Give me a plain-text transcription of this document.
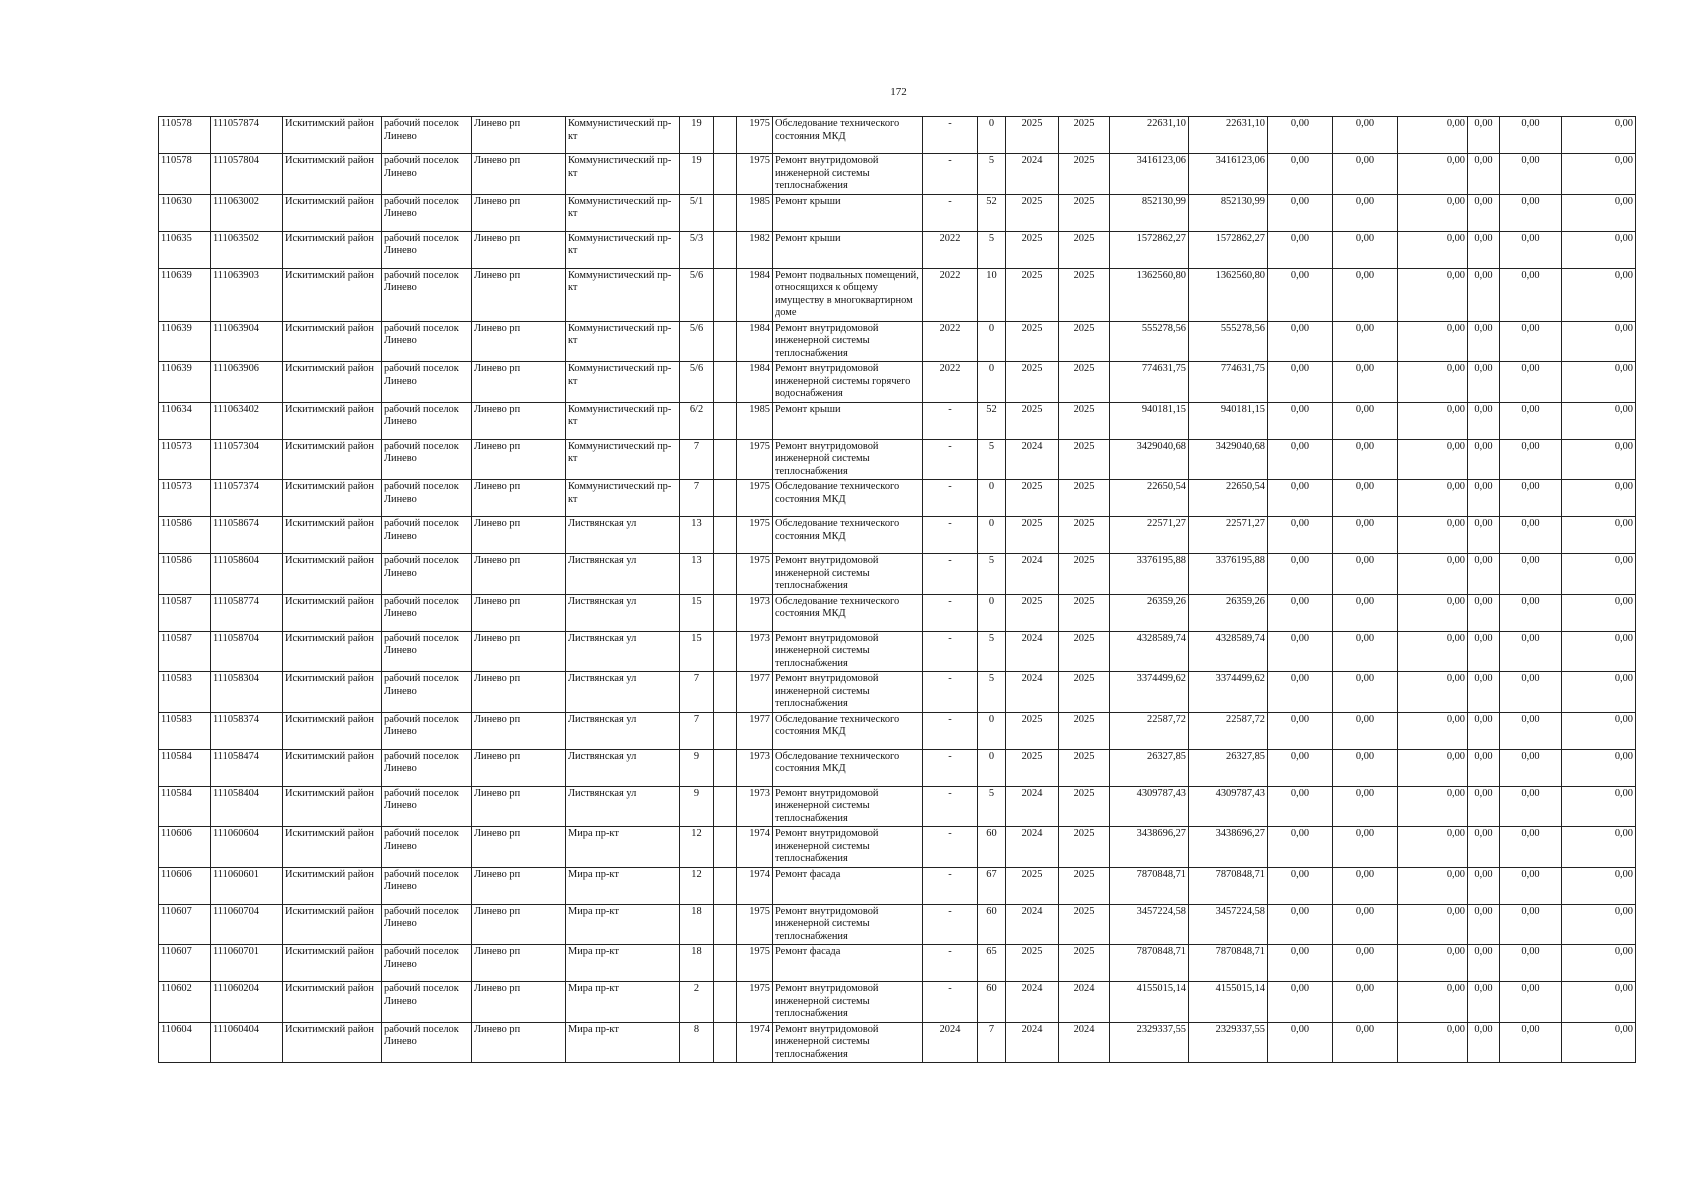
172
110578	111057874	Искитимский район	рабочий поселок Линево	Линево рп	Коммунистический пр-кт	19		1975	Обследование технического состояния МКД	-	0	2025	2025	22631,10	22631,10	0,00	0,00	0,00	0,00	0,00	0,00
110578	111057804	Искитимский район	рабочий поселок Линево	Линево рп	Коммунистический пр-кт	19		1975	Ремонт внутридомовой инженерной системы теплоснабжения	-	5	2024	2025	3416123,06	3416123,06	0,00	0,00	0,00	0,00	0,00	0,00
110630	111063002	Искитимский район	рабочий поселок Линево	Линево рп	Коммунистический пр-кт	5/1		1985	Ремонт крыши	-	52	2025	2025	852130,99	852130,99	0,00	0,00	0,00	0,00	0,00	0,00
110635	111063502	Искитимский район	рабочий поселок Линево	Линево рп	Коммунистический пр-кт	5/3		1982	Ремонт крыши	2022	5	2025	2025	1572862,27	1572862,27	0,00	0,00	0,00	0,00	0,00	0,00
110639	111063903	Искитимский район	рабочий поселок Линево	Линево рп	Коммунистический пр-кт	5/6		1984	Ремонт подвальных помещений, относящихся к общему имуществу в многоквартирном доме	2022	10	2025	2025	1362560,80	1362560,80	0,00	0,00	0,00	0,00	0,00	0,00
110639	111063904	Искитимский район	рабочий поселок Линево	Линево рп	Коммунистический пр-кт	5/6		1984	Ремонт внутридомовой инженерной системы теплоснабжения	2022	0	2025	2025	555278,56	555278,56	0,00	0,00	0,00	0,00	0,00	0,00
110639	111063906	Искитимский район	рабочий поселок Линево	Линево рп	Коммунистический пр-кт	5/6		1984	Ремонт внутридомовой инженерной системы горячего водоснабжения	2022	0	2025	2025	774631,75	774631,75	0,00	0,00	0,00	0,00	0,00	0,00
110634	111063402	Искитимский район	рабочий поселок Линево	Линево рп	Коммунистический пр-кт	6/2		1985	Ремонт крыши	-	52	2025	2025	940181,15	940181,15	0,00	0,00	0,00	0,00	0,00	0,00
110573	111057304	Искитимский район	рабочий поселок Линево	Линево рп	Коммунистический пр-кт	7		1975	Ремонт внутридомовой инженерной системы теплоснабжения	-	5	2024	2025	3429040,68	3429040,68	0,00	0,00	0,00	0,00	0,00	0,00
110573	111057374	Искитимский район	рабочий поселок Линево	Линево рп	Коммунистический пр-кт	7		1975	Обследование технического состояния МКД	-	0	2025	2025	22650,54	22650,54	0,00	0,00	0,00	0,00	0,00	0,00
110586	111058674	Искитимский район	рабочий поселок Линево	Линево рп	Листвянская ул	13		1975	Обследование технического состояния МКД	-	0	2025	2025	22571,27	22571,27	0,00	0,00	0,00	0,00	0,00	0,00
110586	111058604	Искитимский район	рабочий поселок Линево	Линево рп	Листвянская ул	13		1975	Ремонт внутридомовой инженерной системы теплоснабжения	-	5	2024	2025	3376195,88	3376195,88	0,00	0,00	0,00	0,00	0,00	0,00
110587	111058774	Искитимский район	рабочий поселок Линево	Линево рп	Листвянская ул	15		1973	Обследование технического состояния МКД	-	0	2025	2025	26359,26	26359,26	0,00	0,00	0,00	0,00	0,00	0,00
110587	111058704	Искитимский район	рабочий поселок Линево	Линево рп	Листвянская ул	15		1973	Ремонт внутридомовой инженерной системы теплоснабжения	-	5	2024	2025	4328589,74	4328589,74	0,00	0,00	0,00	0,00	0,00	0,00
110583	111058304	Искитимский район	рабочий поселок Линево	Линево рп	Листвянская ул	7		1977	Ремонт внутридомовой инженерной системы теплоснабжения	-	5	2024	2025	3374499,62	3374499,62	0,00	0,00	0,00	0,00	0,00	0,00
110583	111058374	Искитимский район	рабочий поселок Линево	Линево рп	Листвянская ул	7		1977	Обследование технического состояния МКД	-	0	2025	2025	22587,72	22587,72	0,00	0,00	0,00	0,00	0,00	0,00
110584	111058474	Искитимский район	рабочий поселок Линево	Линево рп	Листвянская ул	9		1973	Обследование технического состояния МКД	-	0	2025	2025	26327,85	26327,85	0,00	0,00	0,00	0,00	0,00	0,00
110584	111058404	Искитимский район	рабочий поселок Линево	Линево рп	Листвянская ул	9		1973	Ремонт внутридомовой инженерной системы теплоснабжения	-	5	2024	2025	4309787,43	4309787,43	0,00	0,00	0,00	0,00	0,00	0,00
110606	111060604	Искитимский район	рабочий поселок Линево	Линево рп	Мира пр-кт	12		1974	Ремонт внутридомовой инженерной системы теплоснабжения	-	60	2024	2025	3438696,27	3438696,27	0,00	0,00	0,00	0,00	0,00	0,00
110606	111060601	Искитимский район	рабочий поселок Линево	Линево рп	Мира пр-кт	12		1974	Ремонт фасада	-	67	2025	2025	7870848,71	7870848,71	0,00	0,00	0,00	0,00	0,00	0,00
110607	111060704	Искитимский район	рабочий поселок Линево	Линево рп	Мира пр-кт	18		1975	Ремонт внутридомовой инженерной системы теплоснабжения	-	60	2024	2025	3457224,58	3457224,58	0,00	0,00	0,00	0,00	0,00	0,00
110607	111060701	Искитимский район	рабочий поселок Линево	Линево рп	Мира пр-кт	18		1975	Ремонт фасада	-	65	2025	2025	7870848,71	7870848,71	0,00	0,00	0,00	0,00	0,00	0,00
110602	111060204	Искитимский район	рабочий поселок Линево	Линево рп	Мира пр-кт	2		1975	Ремонт внутридомовой инженерной системы теплоснабжения	-	60	2024	2024	4155015,14	4155015,14	0,00	0,00	0,00	0,00	0,00	0,00
110604	111060404	Искитимский район	рабочий поселок Линево	Линево рп	Мира пр-кт	8		1974	Ремонт внутридомовой инженерной системы теплоснабжения	2024	7	2024	2024	2329337,55	2329337,55	0,00	0,00	0,00	0,00	0,00	0,00
